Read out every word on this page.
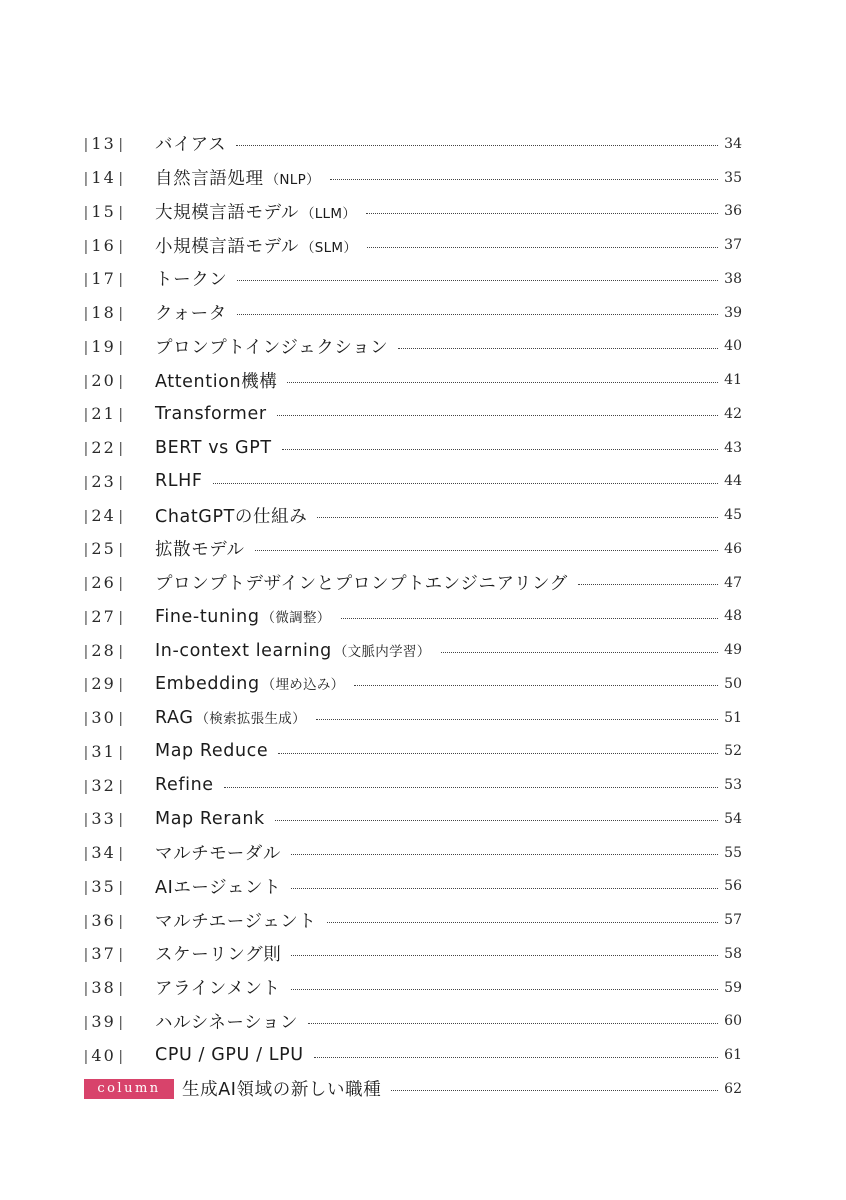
| 13 |	バイアス	34
| 14 |	自然言語処理 （NLP）	35
| 15 |	大規模言語モデル （LLM）	36
| 16 |	小規模言語モデル （SLM）	37
| 17 |	トークン	38
| 18 |	クォータ	39
| 19 |	プロンプトインジェクション	40
| 20 |	Attention機構	41
| 21 |	Transformer	42
| 22 |	BERT vs GPT	43
| 23 |	RLHF	44
| 24 |	ChatGPTの仕組み	45
| 25 |	拡散モデル	46
| 26 |	プロンプトデザインとプロンプトエンジニアリング	47
| 27 |	Fine-tuning （微調整）	48
| 28 |	In-context learning （文脈内学習）	49
| 29 |	Embedding （埋め込み）	50
| 30 |	RAG （検索拡張生成）	51
| 31 |	Map Reduce	52
| 32 |	Refine	53
| 33 |	Map Rerank	54
| 34 |	マルチモーダル	55
| 35 |	AIエージェント	56
| 36 |	マルチエージェント	57
| 37 |	スケーリング則	58
| 38 |	アラインメント	59
| 39 |	ハルシネーション	60
| 40 |	CPU / GPU / LPU	61
column	生成AI領域の新しい職種	62
